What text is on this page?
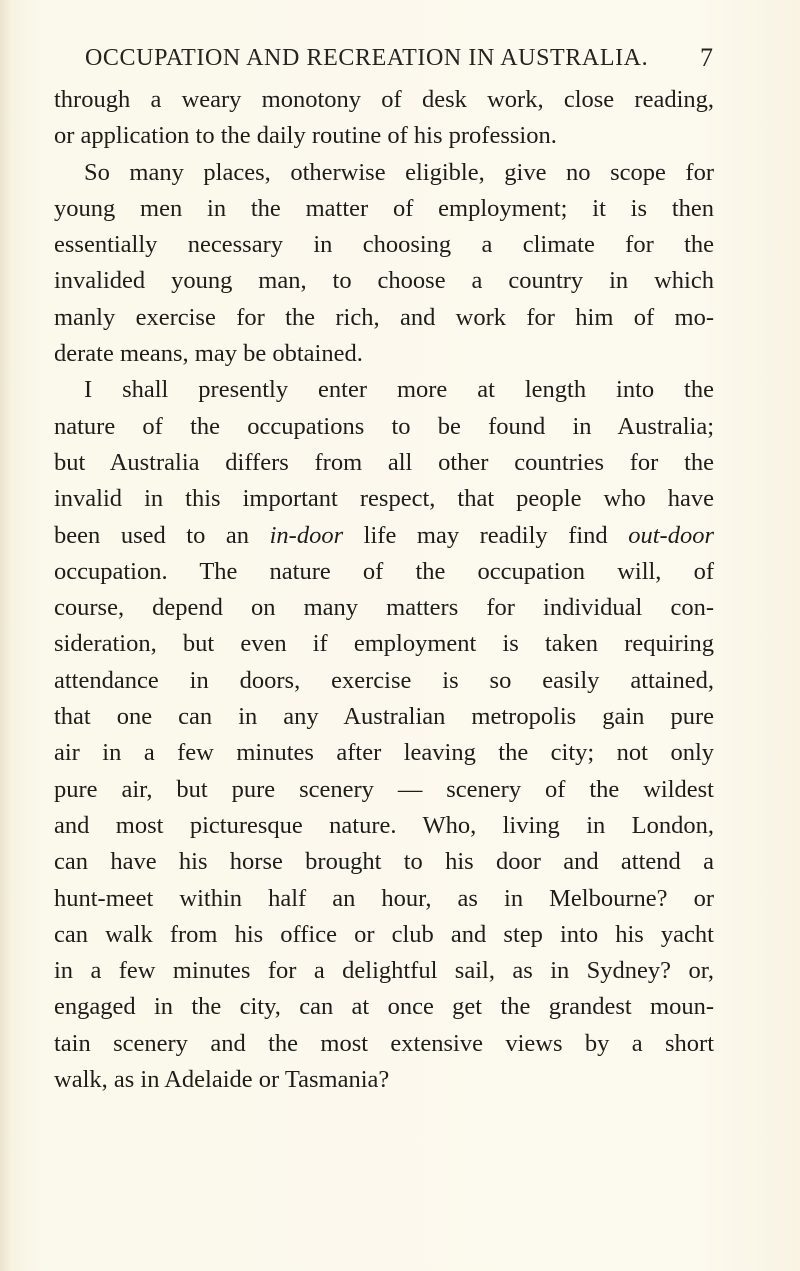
OCCUPATION AND RECREATION IN AUSTRALIA. 7
through a weary monotony of desk work, close reading,
or application to the daily routine of his profession.
So many places, otherwise eligible, give no scope for
young men in the matter of employment; it is then
essentially necessary in choosing a climate for the
invalided young man, to choose a country in which
manly exercise for the rich, and work for him of mo-
derate means, may be obtained.
I shall presently enter more at length into the
nature of the occupations to be found in Australia;
but Australia differs from all other countries for the
invalid in this important respect, that people who have
been used to an in-door life may readily find out-door
occupation. The nature of the occupation will, of
course, depend on many matters for individual con-
sideration, but even if employment is taken requiring
attendance in doors, exercise is so easily attained,
that one can in any Australian metropolis gain pure
air in a few minutes after leaving the city; not only
pure air, but pure scenery — scenery of the wildest
and most picturesque nature. Who, living in London,
can have his horse brought to his door and attend a
hunt-meet within half an hour, as in Melbourne? or
can walk from his office or club and step into his yacht
in a few minutes for a delightful sail, as in Sydney? or,
engaged in the city, can at once get the grandest moun-
tain scenery and the most extensive views by a short
walk, as in Adelaide or Tasmania?
